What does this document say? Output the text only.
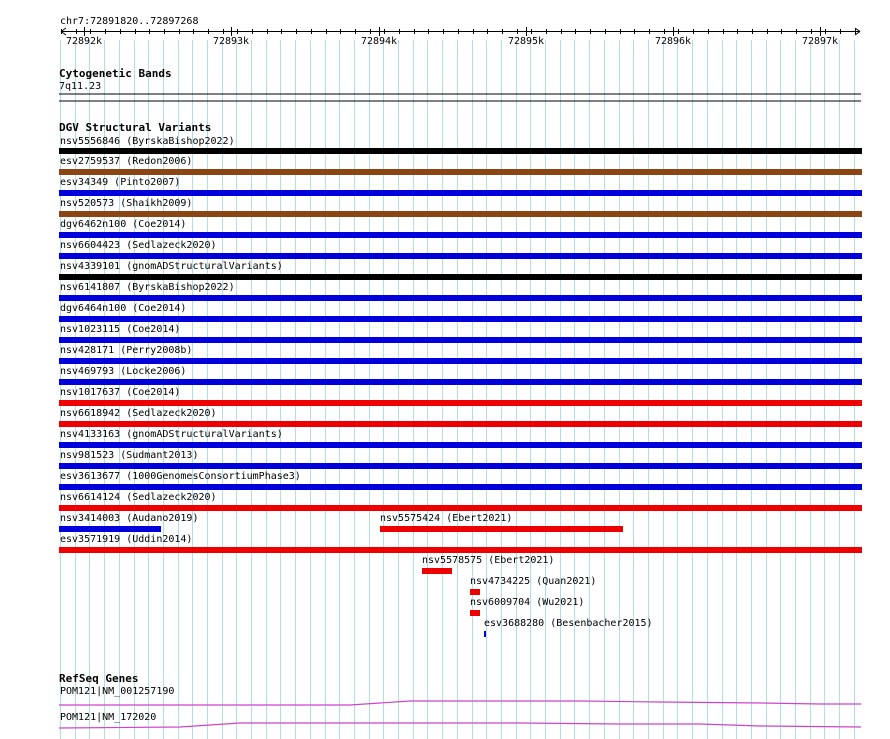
chr7:72891820..72897268
72892k	72893k	72894k	72895k	72896k	72897k
Cytogenetic Bands
7q11.23
DGV Structural Variants
nsv5556846 (ByrskaBishop2022)
esv2759537 (Redon2006)
esv34349 (Pinto2007)
nsv520573 (Shaikh2009)
dgv6462n100 (Coe2014)
nsv6604423 (Sedlazeck2020)
nsv4339101 (gnomADStructuralVariants)
nsv6141807 (ByrskaBishop2022)
dgv6464n100 (Coe2014)
nsv1023115 (Coe2014)
nsv428171 (Perry2008b)
nsv469793 (Locke2006)
nsv1017637 (Coe2014)
nsv6618942 (Sedlazeck2020)
nsv4133163 (gnomADStructuralVariants)
nsv981523 (Sudmant2013)
esv3613677 (1000GenomesConsortiumPhase3)
nsv6614124 (Sedlazeck2020)
nsv3414003 (Audano2019)	nsv5575424 (Ebert2021)
esv3571919 (Uddin2014)
nsv5578575 (Ebert2021)
nsv4734225 (Quan2021)
nsv6009704 (Wu2021)
esv3688280 (Besenbacher2015)
RefSeq Genes
POM121|NM_001257190
POM121|NM_172020
